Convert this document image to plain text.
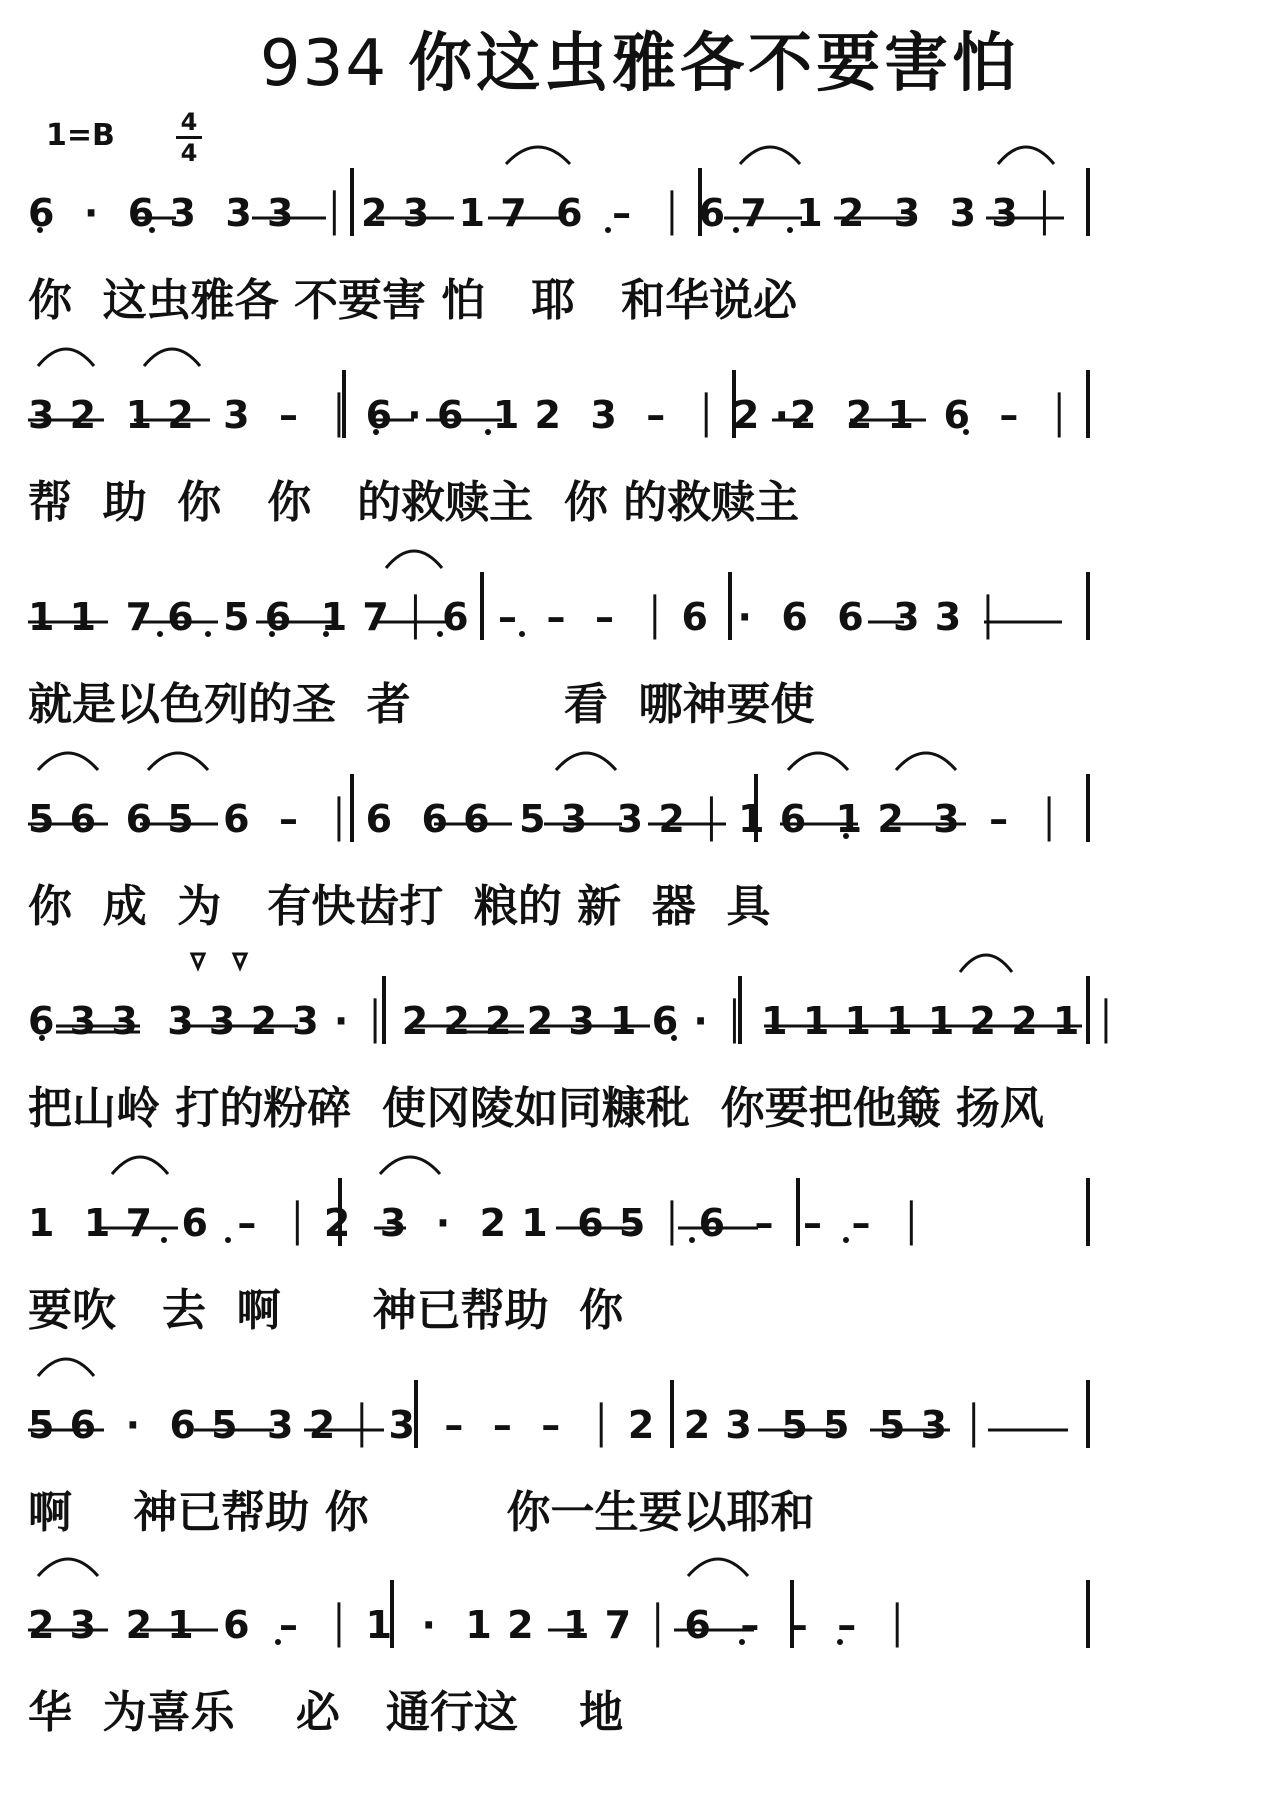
934 你这虫雅各不要害怕
1=B	4
4
你  这虫雅各 不要害 怕   耶   和华说必
帮  助  你   你   的救赎主  你 的救赎主
就是以色列的圣  者          看  哪神要使
你  成  为   有快齿打  粮的 新  器  具
把山岭 打的粉碎  使冈陵如同糠秕  你要把他簸 扬风
要吹   去  啊      神已帮助  你
啊    神已帮助 你         你一生要以耶和
华  为喜乐    必   通行这    地
6  ·  6 3  3 3  │ 2 3  1 7  6  –  │ 6 7  1 2  3  3 3 │
3 2  1 2  3  –  │ 6 · 6  1 2  3  –  │ 2 ·2  2 1  6  –  │
1 1  7 6  5 6  1 7 │ 6  –  –  –  │ 6  ·  6  6  3 3 │
5 6  6 5  6  –  │ 6  6 6  5 3  3 2 │ 1 6  1 2  3  –  │
6 3 3  3 3 2 3 · │ 2 2 2 2 3 1 6 · │ 1 1 1 1 1 2 2 1 │
1  1 7  6  –  │ 2  3  ·  2 1  6 5 │ 6  –  –  –  │
5 6  ·  6 5  3 2 │ 3  –  –  –  │ 2  2 3  5 5  5 3 │
2 3  2 1  6  –  │ 1  ·  1 2  1 7 │ 6  –  –  –  │
